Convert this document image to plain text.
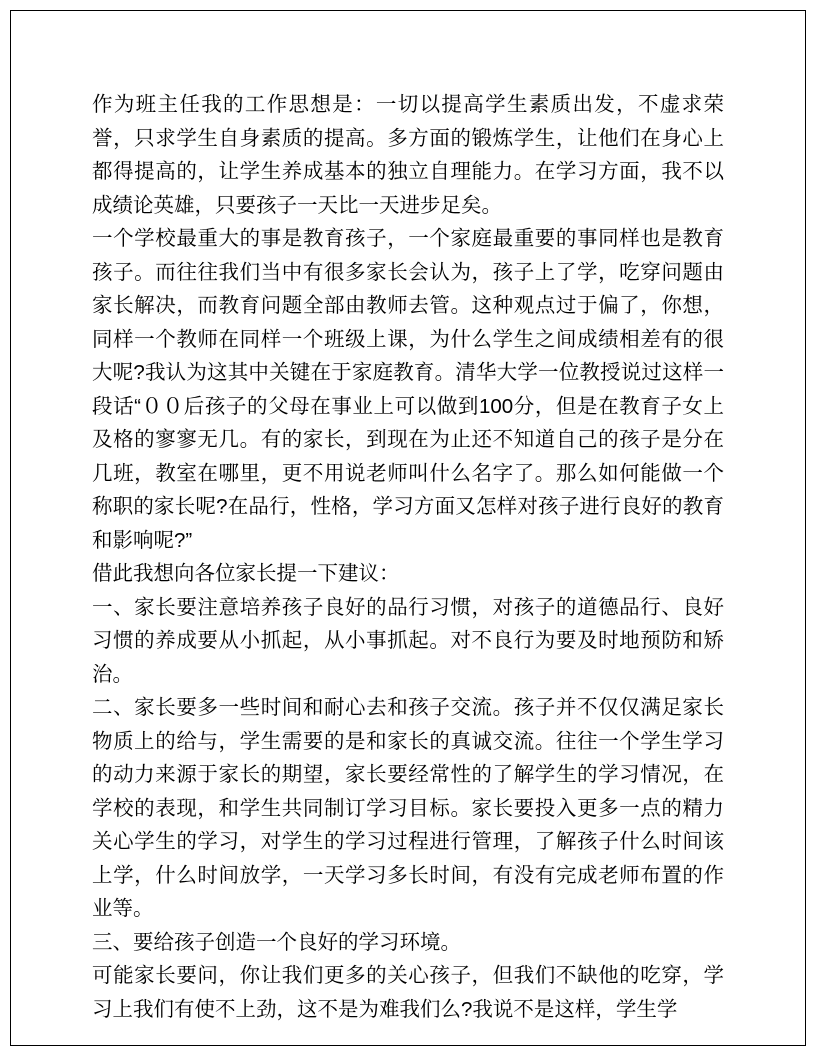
作为班主任我的工作思想是：一切以提高学生素质出发，不虚求荣誉，只求学生自身素质的提高。多方面的锻炼学生，让他们在身心上都得提高的，让学生养成基本的独立自理能力。在学习方面，我不以成绩论英雄，只要孩子一天比一天进步足矣。

一个学校最重大的事是教育孩子，一个家庭最重要的事同样也是教育孩子。而往往我们当中有很多家长会认为，孩子上了学，吃穿问题由家长解决，而教育问题全部由教师去管。这种观点过于偏了，你想，同样一个教师在同样一个班级上课，为什么学生之间成绩相差有的很大呢?我认为这其中关键在于家庭教育。清华大学一位教授说过这样一段话“００后孩子的父母在事业上可以做到100分，但是在教育子女上及格的寥寥无几。有的家长，到现在为止还不知道自己的孩子是分在几班，教室在哪里，更不用说老师叫什么名字了。那么如何能做一个称职的家长呢?在品行，性格，学习方面又怎样对孩子进行良好的教育和影响呢?”

借此我想向各位家长提一下建议：

一、家长要注意培养孩子良好的品行习惯，对孩子的道德品行、良好习惯的养成要从小抓起，从小事抓起。对不良行为要及时地预防和矫治。

二、家长要多一些时间和耐心去和孩子交流。孩子并不仅仅满足家长物质上的给与，学生需要的是和家长的真诚交流。往往一个学生学习的动力来源于家长的期望，家长要经常性的了解学生的学习情况，在学校的表现，和学生共同制订学习目标。家长要投入更多一点的精力关心学生的学习，对学生的学习过程进行管理，了解孩子什么时间该上学，什么时间放学，一天学习多长时间，有没有完成老师布置的作业等。

三、要给孩子创造一个良好的学习环境。

可能家长要问，你让我们更多的关心孩子，但我们不缺他的吃穿，学习上我们有使不上劲，这不是为难我们么?我说不是这样，学生学
